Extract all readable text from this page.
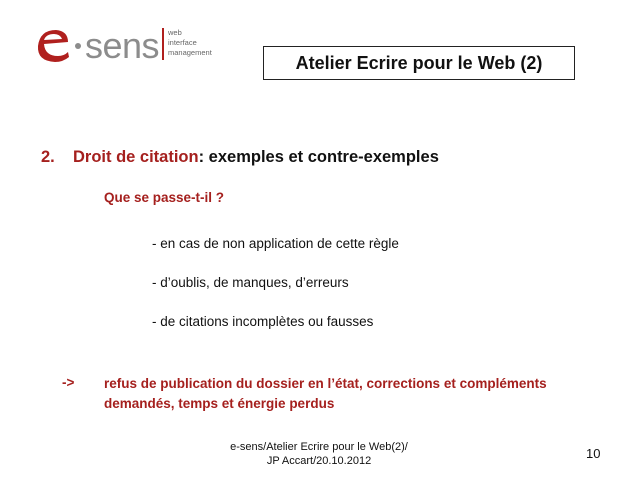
sens web
interface
management	Atelier Ecrire pour le Web (2)
2. Droit de citation: exemples et contre-exemples
Que se passe-t-il ?
- en cas de non application de cette règle
- d’oublis, de manques, d’erreurs
- de citations incomplètes ou fausses
-> refus de publication du dossier en l’état, corrections et compléments
demandés, temps et énergie perdus
e-sens/Atelier Ecrire pour le Web(2)/
JP Accart/20.10.2012	10
